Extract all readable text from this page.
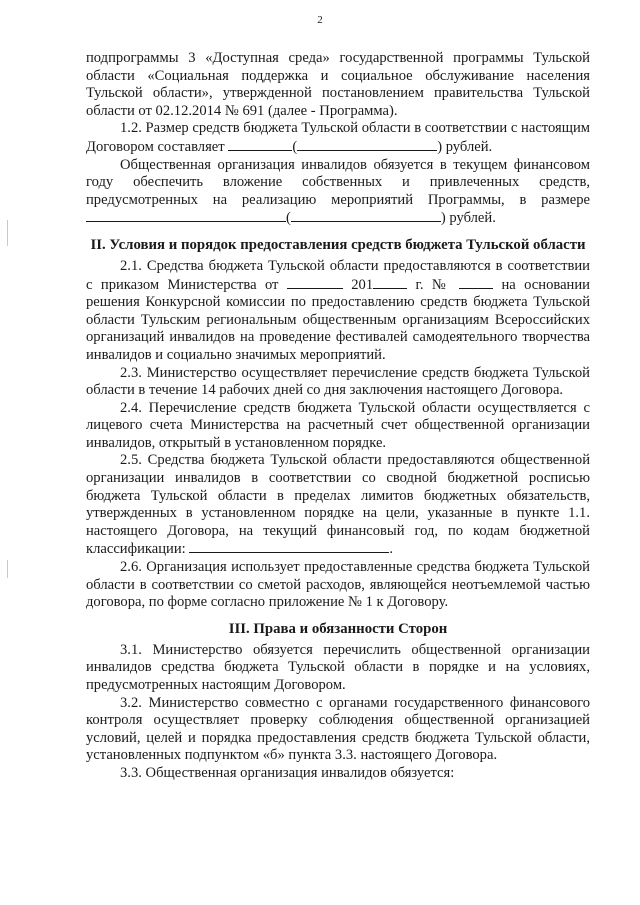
2

подпрограммы 3 «Доступная среда» государственной программы Тульской области «Социальная поддержка и социальное обслуживание населения Тульской области», утвержденной постановлением правительства Тульской области от 02.12.2014 № 691 (далее - Программа).

1.2. Размер средств бюджета Тульской области в соответствии с настоящим Договором составляет	(	) рублей.

Общественная организация инвалидов обязуется в текущем финансовом году обеспечить вложение собственных и привлеченных средств, предусмотренных на реализацию мероприятий Программы, в размере (	) рублей.

II. Условия и порядок предоставления средств бюджета Тульской области

2.1. Средства бюджета Тульской области предоставляются в соответствии с приказом Министерства от	201	г. №	на основании решения Конкурсной комиссии по предоставлению средств бюджета Тульской области Тульским региональным общественным организациям Всероссийских организаций инвалидов на проведение фестивалей самодеятельного творчества инвалидов и социально значимых мероприятий.

2.3. Министерство осуществляет перечисление средств бюджета Тульской области в течение 14 рабочих дней со дня заключения настоящего Договора.

2.4. Перечисление средств бюджета Тульской области осуществляется с лицевого счета Министерства на расчетный счет общественной организации инвалидов, открытый в установленном порядке.

2.5. Средства бюджета Тульской области предоставляются общественной организации инвалидов в соответствии со сводной бюджетной росписью бюджета Тульской области в пределах лимитов бюджетных обязательств, утвержденных в установленном порядке на цели, указанные в пункте 1.1. настоящего Договора, на текущий финансовый год, по кодам бюджетной классификации:	.

2.6. Организация использует предоставленные средства бюджета Тульской области в соответствии со сметой расходов, являющейся неотъемлемой частью договора, по форме согласно приложение № 1 к Договору.

III. Права и обязанности Сторон

3.1. Министерство обязуется перечислить общественной организации инвалидов средства бюджета Тульской области в порядке и на условиях, предусмотренных настоящим Договором.

3.2. Министерство совместно с органами государственного финансового контроля осуществляет проверку соблюдения общественной организацией условий, целей и порядка предоставления средств бюджета Тульской области, установленных подпунктом «б» пункта 3.3. настоящего Договора.

3.3. Общественная организация инвалидов обязуется:
